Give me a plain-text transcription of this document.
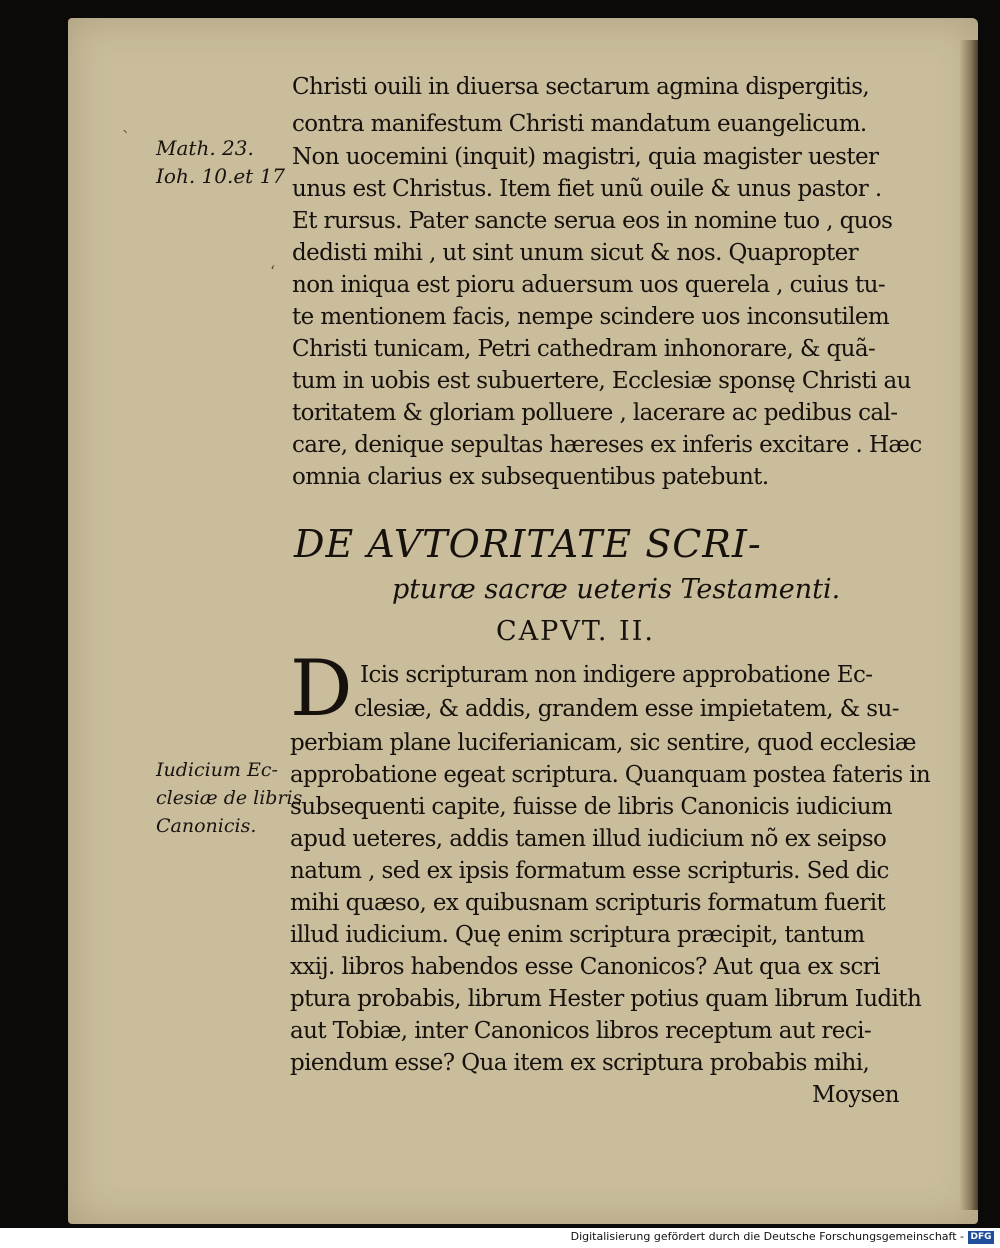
`
ʻ
Math. 23.
Ioh. 10.et 17
Iudicium Ec-
clesiæ de libris
Canonicis.
Christi ouili in diuersa sectarum agmina dispergitis,
contra manifestum Christi mandatum euangelicum.
Non uocemini (inquit) magistri, quia magister uester
unus est Christus. Item fiet unũ ouile & unus pastor .
Et rursus. Pater sancte serua eos in nomine tuo , quos
dedisti mihi , ut sint unum sicut & nos. Quapropter
non iniqua est pioru aduersum uos querela , cuius tu-
te mentionem facis, nempe scindere uos inconsutilem
Christi tunicam, Petri cathedram inhonorare, & quã-
tum in uobis est subuertere, Ecclesiæ sponsę Christi au
toritatem & gloriam polluere , lacerare ac pedibus cal-
care, denique sepultas hæreses ex inferis excitare . Hæc
omnia clarius ex subsequentibus patebunt.
DE AVTORITATE SCRI-
pturæ sacræ ueteris Testamenti.
CAPVT. II.
D Icis scripturam non indigere approbatione Ec-
clesiæ, & addis, grandem esse impietatem, & su-
perbiam plane luciferianicam, sic sentire, quod ecclesiæ
approbatione egeat scriptura. Quanquam postea fateris in
subsequenti capite, fuisse de libris Canonicis iudicium
apud ueteres, addis tamen illud iudicium nõ ex seipso
natum , sed ex ipsis formatum esse scripturis. Sed dic
mihi quæso, ex quibusnam scripturis formatum fuerit
illud iudicium. Quę enim scriptura præcipit, tantum
xxij. libros habendos esse Canonicos? Aut qua ex scri
ptura probabis, librum Hester potius quam librum Iudith
aut Tobiæ, inter Canonicos libros receptum aut reci-
piendum esse? Qua item ex scriptura probabis mihi,
Moysen
Digitalisierung gefördert durch die Deutsche Forschungsgemeinschaft - DFG
